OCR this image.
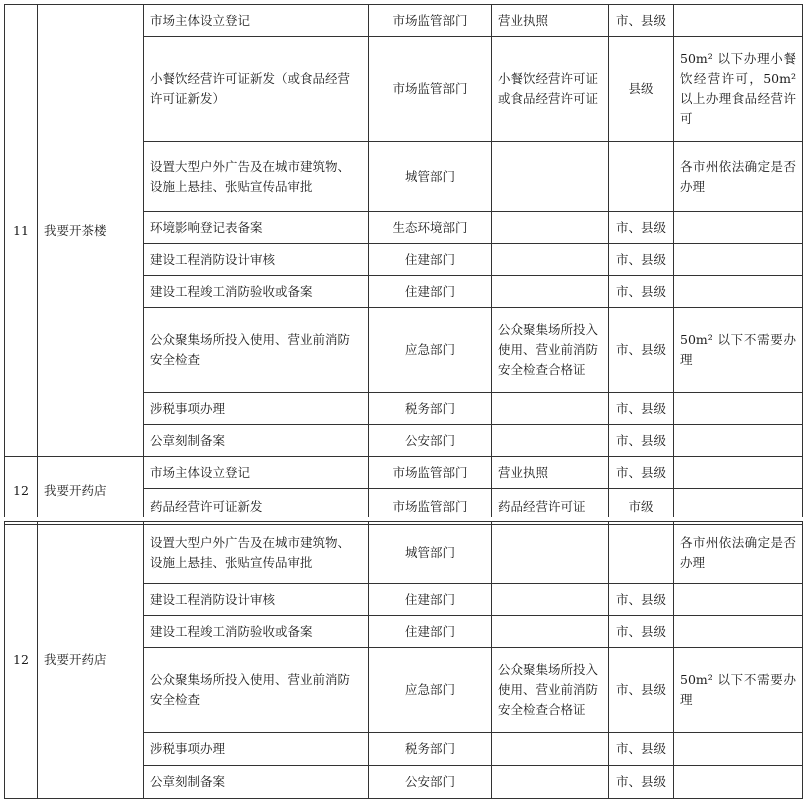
11	我要开茶楼	市场主体设立登记	市场监管部门	营业执照	市、县级	
		小餐饮经营许可证新发（或食品经营许可证新发）	市场监管部门	小餐饮经营许可证或食品经营许可证	县级	50m² 以下办理小餐饮经营许可，50m² 以上办理食品经营许可
		设置大型户外广告及在城市建筑物、设施上悬挂、张贴宣传品审批	城管部门			各市州依法确定是否办理
		环境影响登记表备案	生态环境部门		市、县级	
		建设工程消防设计审核	住建部门		市、县级	
		建设工程竣工消防验收或备案	住建部门		市、县级	
		公众聚集场所投入使用、营业前消防安全检查	应急部门	公众聚集场所投入使用、营业前消防安全检查合格证	市、县级	50m² 以下不需要办理
		涉税事项办理	税务部门		市、县级	
		公章刻制备案	公安部门		市、县级	
12	我要开药店	市场主体设立登记	市场监管部门	营业执照	市、县级	
		药品经营许可证新发	市场监管部门	药品经营许可证	市级	
12	我要开药店	设置大型户外广告及在城市建筑物、设施上悬挂、张贴宣传品审批	城管部门			各市州依法确定是否办理
		建设工程消防设计审核	住建部门		市、县级	
		建设工程竣工消防验收或备案	住建部门		市、县级	
		公众聚集场所投入使用、营业前消防安全检查	应急部门	公众聚集场所投入使用、营业前消防安全检查合格证	市、县级	50m² 以下不需要办理
		涉税事项办理	税务部门		市、县级	
		公章刻制备案	公安部门		市、县级	
